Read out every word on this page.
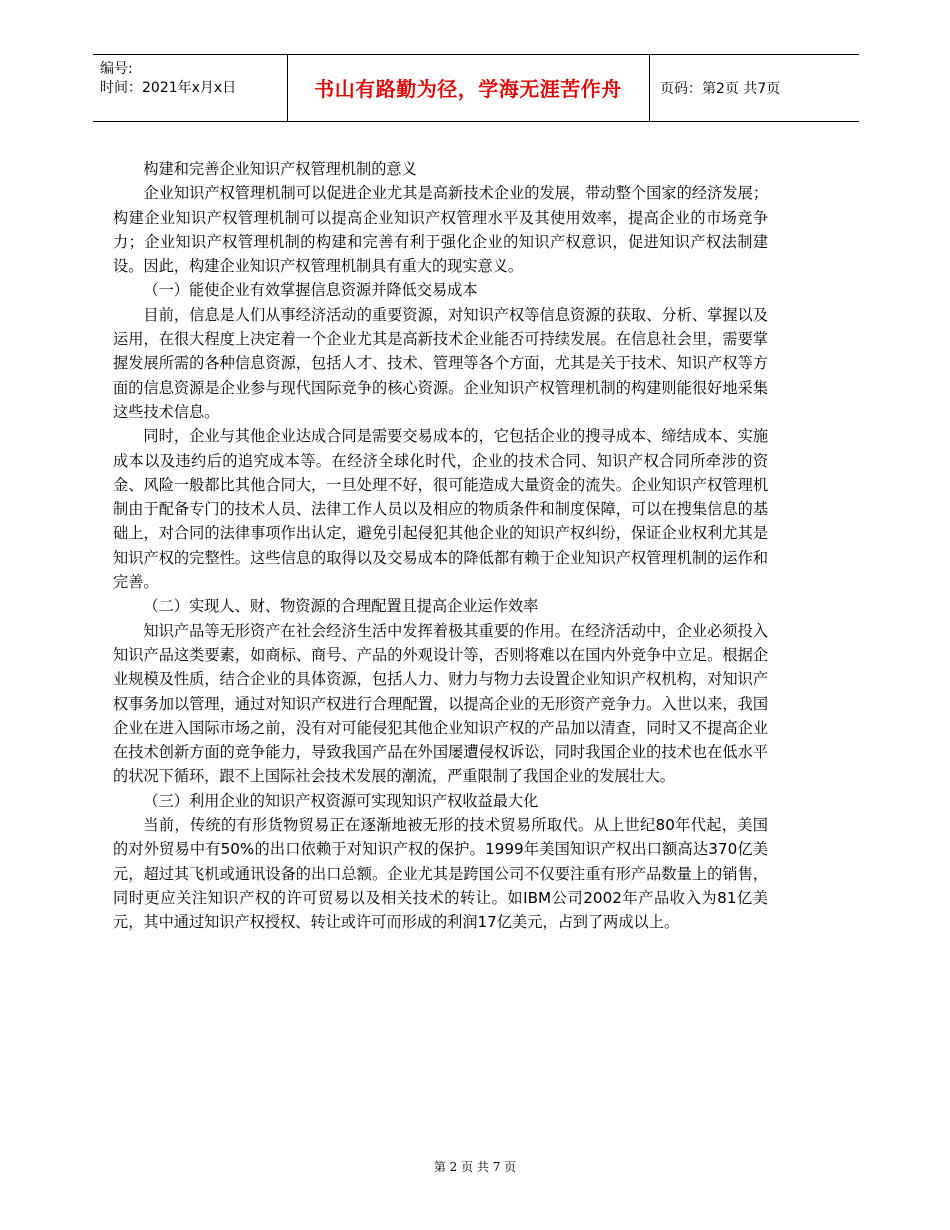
编号:
时间：2021年x月x日	书山有路勤为径，学海无涯苦作舟	页码：第2页 共7页

构建和完善企业知识产权管理机制的意义

企业知识产权管理机制可以促进企业尤其是高新技术企业的发展，带动整个国家的经济发展；构建企业知识产权管理机制可以提高企业知识产权管理水平及其使用效率，提高企业的市场竞争力；企业知识产权管理机制的构建和完善有利于强化企业的知识产权意识，促进知识产权法制建设。因此，构建企业知识产权管理机制具有重大的现实意义。

（一）能使企业有效掌握信息资源并降低交易成本

目前，信息是人们从事经济活动的重要资源，对知识产权等信息资源的获取、分析、掌握以及运用，在很大程度上决定着一个企业尤其是高新技术企业能否可持续发展。在信息社会里，需要掌握发展所需的各种信息资源，包括人才、技术、管理等各个方面，尤其是关于技术、知识产权等方面的信息资源是企业参与现代国际竞争的核心资源。企业知识产权管理机制的构建则能很好地采集这些技术信息。

同时，企业与其他企业达成合同是需要交易成本的，它包括企业的搜寻成本、缔结成本、实施成本以及违约后的追究成本等。在经济全球化时代，企业的技术合同、知识产权合同所牵涉的资金、风险一般都比其他合同大，一旦处理不好，很可能造成大量资金的流失。企业知识产权管理机制由于配备专门的技术人员、法律工作人员以及相应的物质条件和制度保障，可以在搜集信息的基础上，对合同的法律事项作出认定，避免引起侵犯其他企业的知识产权纠纷，保证企业权利尤其是知识产权的完整性。这些信息的取得以及交易成本的降低都有赖于企业知识产权管理机制的运作和完善。

（二）实现人、财、物资源的合理配置且提高企业运作效率

知识产品等无形资产在社会经济生活中发挥着极其重要的作用。在经济活动中，企业必须投入知识产品这类要素，如商标、商号、产品的外观设计等，否则将难以在国内外竞争中立足。根据企业规模及性质，结合企业的具体资源，包括人力、财力与物力去设置企业知识产权机构，对知识产权事务加以管理，通过对知识产权进行合理配置，以提高企业的无形资产竞争力。入世以来，我国企业在进入国际市场之前，没有对可能侵犯其他企业知识产权的产品加以清查，同时又不提高企业在技术创新方面的竞争能力，导致我国产品在外国屡遭侵权诉讼，同时我国企业的技术也在低水平的状况下循环，跟不上国际社会技术发展的潮流，严重限制了我国企业的发展壮大。

（三）利用企业的知识产权资源可实现知识产权收益最大化

当前，传统的有形货物贸易正在逐渐地被无形的技术贸易所取代。从上世纪80年代起，美国的对外贸易中有50%的出口依赖于对知识产权的保护。1999年美国知识产权出口额高达370亿美元，超过其飞机或通讯设备的出口总额。企业尤其是跨国公司不仅要注重有形产品数量上的销售，同时更应关注知识产权的许可贸易以及相关技术的转让。如IBM公司2002年产品收入为81亿美元，其中通过知识产权授权、转让或许可而形成的利润17亿美元，占到了两成以上。

第 2 页 共 7 页
